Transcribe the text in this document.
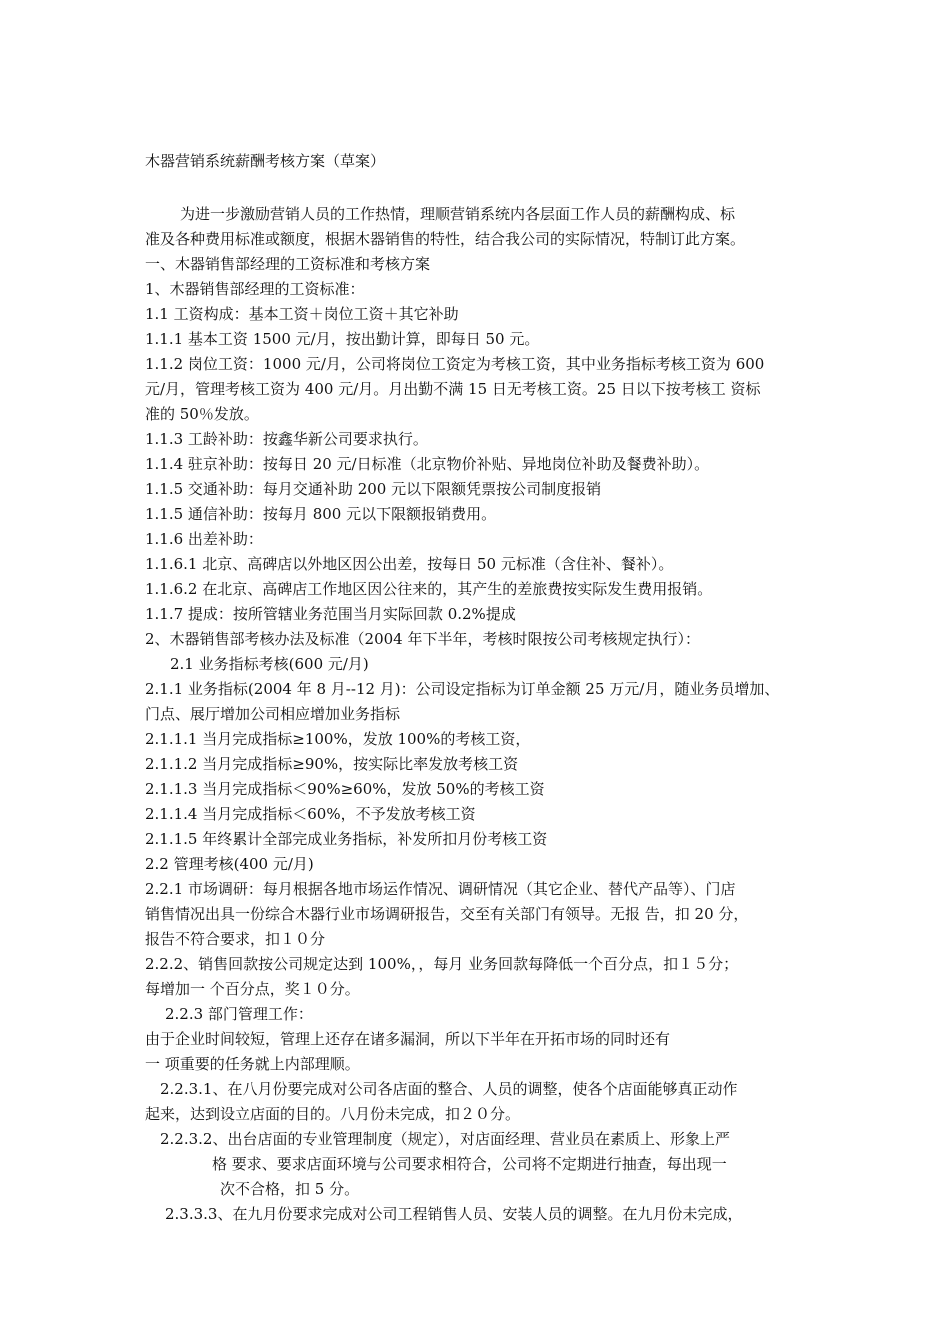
木器营销系统薪酬考核方案（草案）
为进一步激励营销人员的工作热情，理顺营销系统内各层面工作人员的薪酬构成、标
准及各种费用标准或额度，根据木器销售的特性，结合我公司的实际情况，特制订此方案。
一、木器销售部经理的工资标准和考核方案
1、木器销售部经理的工资标准：
1.1 工资构成：基本工资＋岗位工资＋其它补助
1.1.1 基本工资 1500 元/月，按出勤计算，即每日 50 元。
1.1.2 岗位工资：1000 元/月，公司将岗位工资定为考核工资，其中业务指标考核工资为 600
元/月，管理考核工资为 400 元/月。月出勤不满 15 日无考核工资。25 日以下按考核工 资标
准的 50％发放。
1.1.3 工龄补助：按鑫华新公司要求执行。
1.1.4 驻京补助：按每日 20 元/日标准（北京物价补贴、异地岗位补助及餐费补助）。
1.1.5 交通补助：每月交通补助 200 元以下限额凭票按公司制度报销
1.1.5 通信补助：按每月 800 元以下限额报销费用。
1.1.6 出差补助：
1.1.6.1 北京、高碑店以外地区因公出差，按每日 50 元标准（含住补、餐补）。
1.1.6.2 在北京、高碑店工作地区因公往来的，其产生的差旅费按实际发生费用报销。
1.1.7 提成：按所管辖业务范围当月实际回款 0.2%提成
2、木器销售部考核办法及标准（2004 年下半年，考核时限按公司考核规定执行）：
2.1 业务指标考核(600 元/月)
2.1.1 业务指标(2004 年 8 月--12 月)：公司设定指标为订单金额 25 万元/月，随业务员增加、
门点、展厅增加公司相应增加业务指标
2.1.1.1 当月完成指标≥100%，发放 100%的考核工资，
2.1.1.2 当月完成指标≥90%，按实际比率发放考核工资
2.1.1.3 当月完成指标＜90%≥60%，发放 50%的考核工资
2.1.1.4 当月完成指标＜60%，不予发放考核工资
2.1.1.5 年终累计全部完成业务指标，补发所扣月份考核工资
2.2 管理考核(400 元/月)
2.2.1 市场调研：每月根据各地市场运作情况、调研情况（其它企业、替代产品等）、门店
销售情况出具一份综合木器行业市场调研报告，交至有关部门有领导。无报 告，扣 20 分，
报告不符合要求，扣１０分
2.2.2、销售回款按公司规定达到 100%，，每月 业务回款每降低一个百分点，扣１５分；
每增加一 个百分点，奖１０分。
2.2.3 部门管理工作：
由于企业时间较短，管理上还存在诸多漏洞，所以下半年在开拓市场的同时还有
一 项重要的任务就上内部理顺。
2.2.3.1、在八月份要完成对公司各店面的整合、人员的调整，使各个店面能够真正动作
起来，达到设立店面的目的。八月份未完成，扣２０分。
2.2.3.2、出台店面的专业管理制度（规定），对店面经理、营业员在素质上、形象上严
格 要求、要求店面环境与公司要求相符合，公司将不定期进行抽查，每出现一
次不合格，扣 5 分。
2.3.3.3、在九月份要求完成对公司工程销售人员、安装人员的调整。在九月份未完成，
